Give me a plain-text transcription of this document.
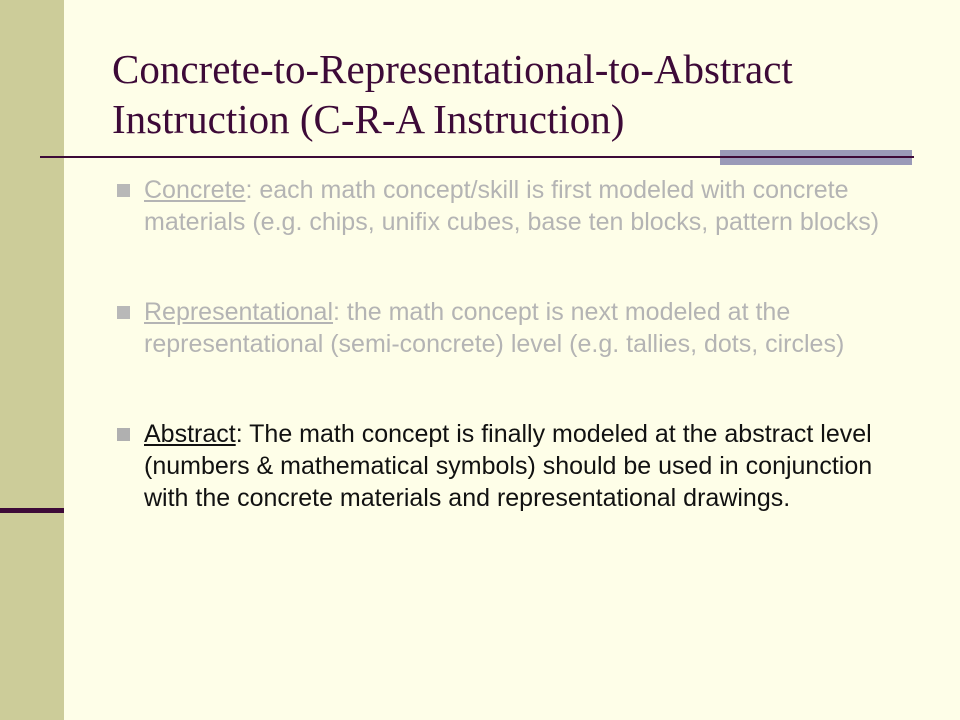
Concrete-to-Representational-to-Abstract
Instruction (C-R-A Instruction)
Concrete: each math concept/skill is first modeled with concrete materials (e.g. chips, unifix cubes, base ten blocks, pattern blocks)
Representational: the math concept is next modeled at the representational (semi-concrete) level (e.g. tallies, dots, circles)
Abstract: The math concept is finally modeled at the abstract level (numbers & mathematical symbols) should be used in conjunction with the concrete materials and representational drawings.
